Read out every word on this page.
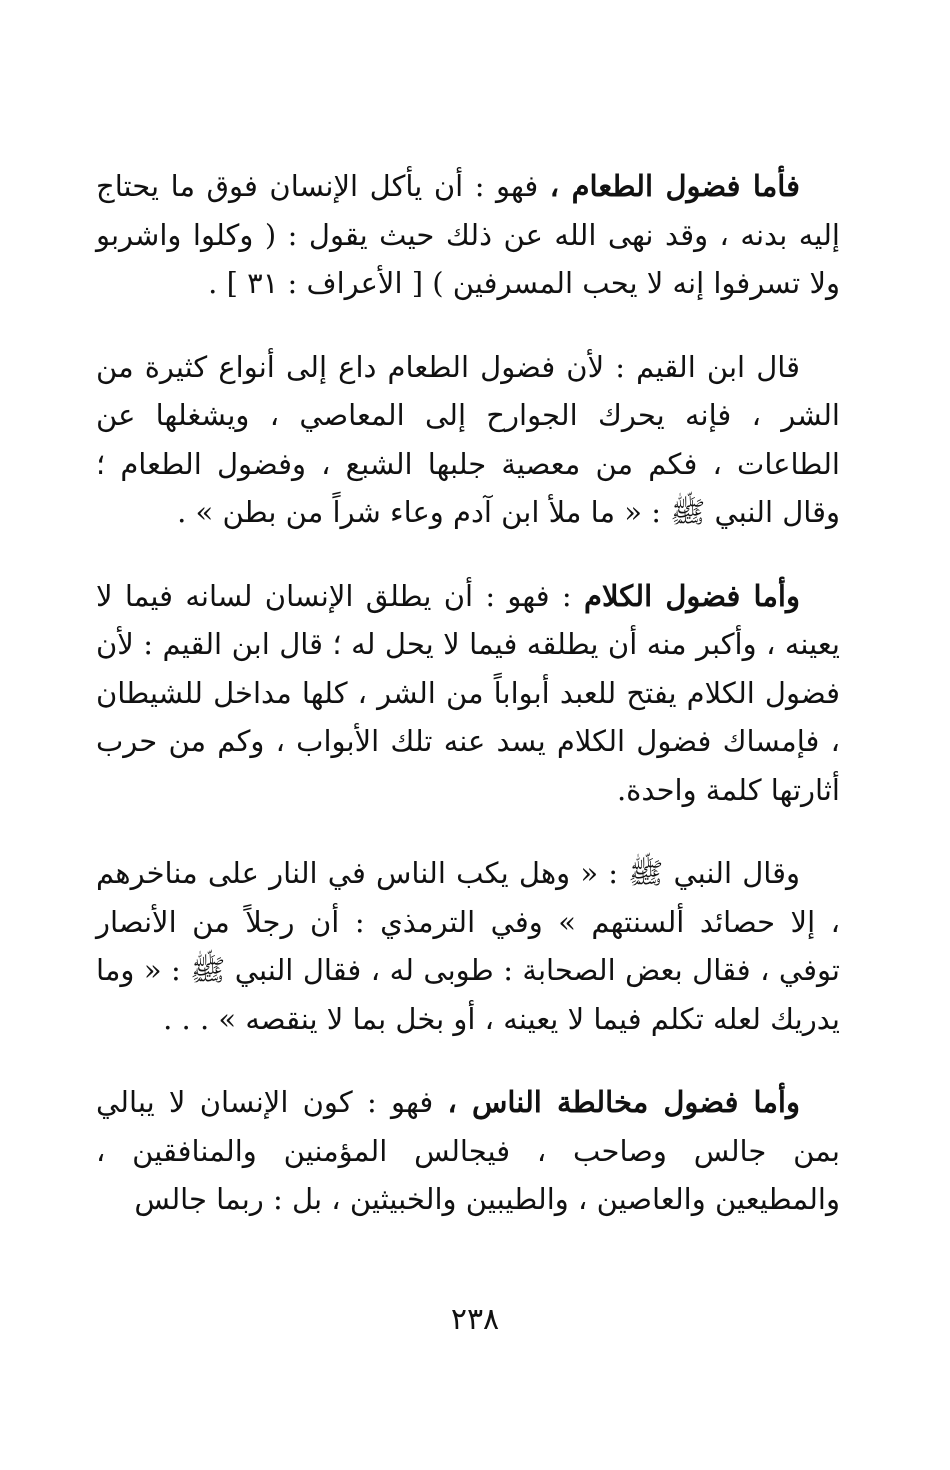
فأما فضول الطعام ، فهو : أن يأكل الإنسان فوق ما يحتاج إليه بدنه ، وقد نهى الله عن ذلك حيث يقول : ( وكلوا واشربو ولا تسرفوا إنه لا يحب المسرفين ) [ الأعراف : ٣١ ] .

قال ابن القيم : لأن فضول الطعام داع إلى أنواع كثيرة من الشر ، فإنه يحرك الجوارح إلى المعاصي ، ويشغلها عن الطاعات ، فكم من معصية جلبها الشبع ، وفضول الطعام ؛ وقال النبي ﷺ : « ما ملأ ابن آدم وعاء شراً من بطن » .

وأما فضول الكلام : فهو : أن يطلق الإنسان لسانه فيما لا يعينه ، وأكبر منه أن يطلقه فيما لا يحل له ؛ قال ابن القيم : لأن فضول الكلام يفتح للعبد أبواباً من الشر ، كلها مداخل للشيطان ، فإمساك فضول الكلام يسد عنه تلك الأبواب ، وكم من حرب أثارتها كلمة واحدة.

وقال النبي ﷺ : « وهل يكب الناس في النار على مناخرهم ، إلا حصائد ألسنتهم » وفي الترمذي : أن رجلاً من الأنصار توفي ، فقال بعض الصحابة : طوبى له ، فقال النبي ﷺ : « وما يدريك لعله تكلم فيما لا يعينه ، أو بخل بما لا ينقصه » . . .

وأما فضول مخالطة الناس ، فهو : كون الإنسان لا يبالي بمن جالس وصاحب ، فيجالس المؤمنين والمنافقين ، والمطيعين والعاصين ، والطيبين والخبيثين ، بل : ربما جالس

٢٣٨
